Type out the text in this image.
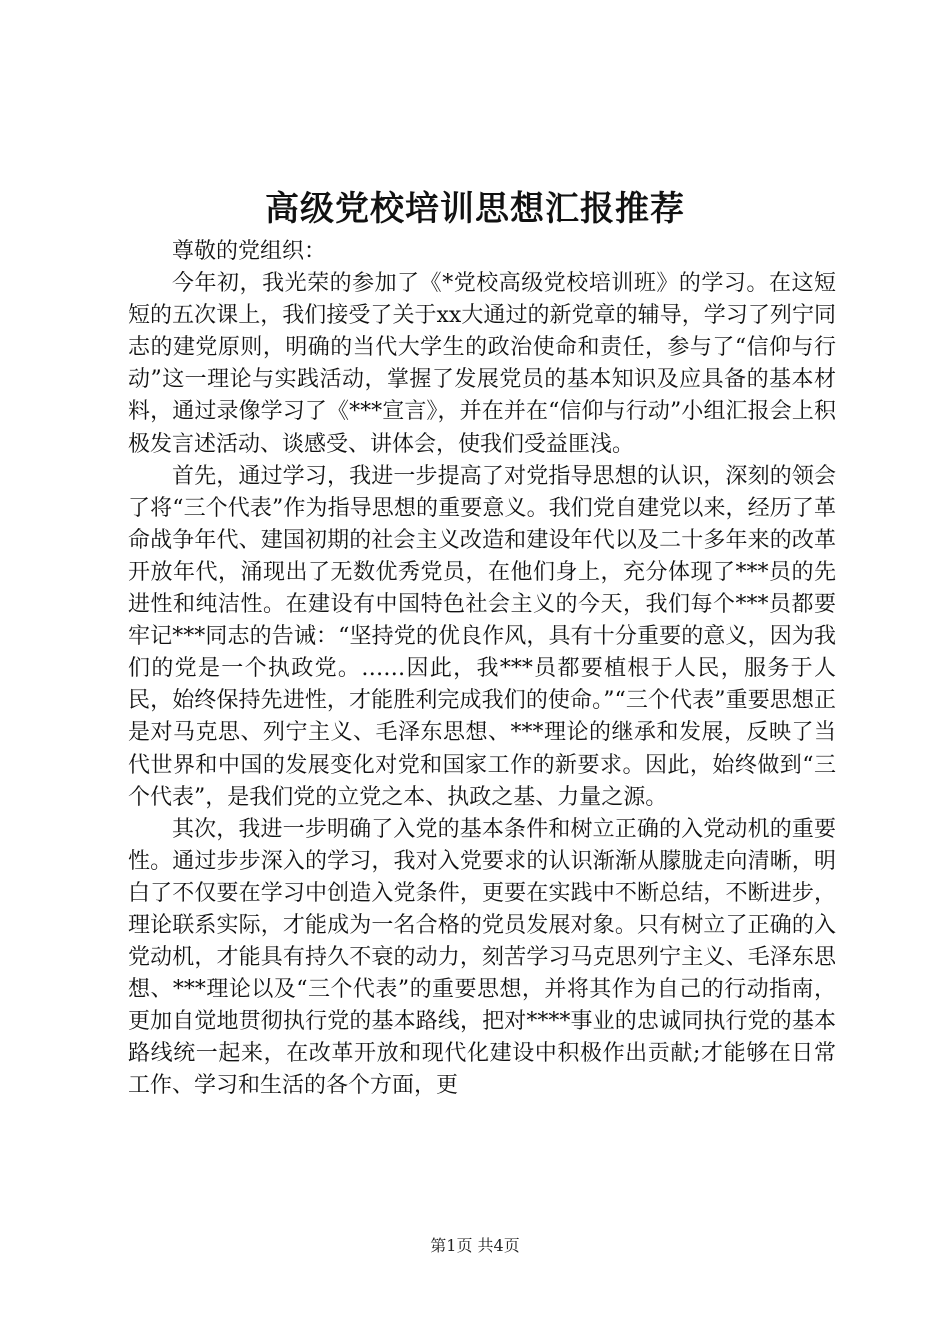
高级党校培训思想汇报推荐

尊敬的党组织：

今年初，我光荣的参加了《*党校高级党校培训班》的学习。在这短短的五次课上，我们接受了关于xx大通过的新党章的辅导，学习了列宁同志的建党原则，明确的当代大学生的政治使命和责任，参与了“信仰与行动”这一理论与实践活动，掌握了发展党员的基本知识及应具备的基本材料，通过录像学习了《***宣言》，并在并在“信仰与行动”小组汇报会上积极发言述活动、谈感受、讲体会，使我们受益匪浅。

首先，通过学习，我进一步提高了对党指导思想的认识，深刻的领会了将“三个代表”作为指导思想的重要意义。我们党自建党以来，经历了革命战争年代、建国初期的社会主义改造和建设年代以及二十多年来的改革开放年代，涌现出了无数优秀党员，在他们身上，充分体现了***员的先进性和纯洁性。在建设有中国特色社会主义的今天，我们每个***员都要牢记***同志的告诫：“坚持党的优良作风，具有十分重要的意义，因为我们的党是一个执政党。……因此，我***员都要植根于人民，服务于人民，始终保持先进性，才能胜利完成我们的使命。”“三个代表”重要思想正是对马克思、列宁主义、毛泽东思想、***理论的继承和发展，反映了当代世界和中国的发展变化对党和国家工作的新要求。因此，始终做到“三个代表”，是我们党的立党之本、执政之基、力量之源。

其次，我进一步明确了入党的基本条件和树立正确的入党动机的重要性。通过步步深入的学习，我对入党要求的认识渐渐从朦胧走向清晰，明白了不仅要在学习中创造入党条件，更要在实践中不断总结，不断进步，理论联系实际，才能成为一名合格的党员发展对象。只有树立了正确的入党动机，才能具有持久不衰的动力，刻苦学习马克思列宁主义、毛泽东思想、***理论以及“三个代表”的重要思想，并将其作为自己的行动指南，更加自觉地贯彻执行党的基本路线，把对****事业的忠诚同执行党的基本路线统一起来，在改革开放和现代化建设中积极作出贡献;才能够在日常工作、学习和生活的各个方面，更

第1页 共4页
